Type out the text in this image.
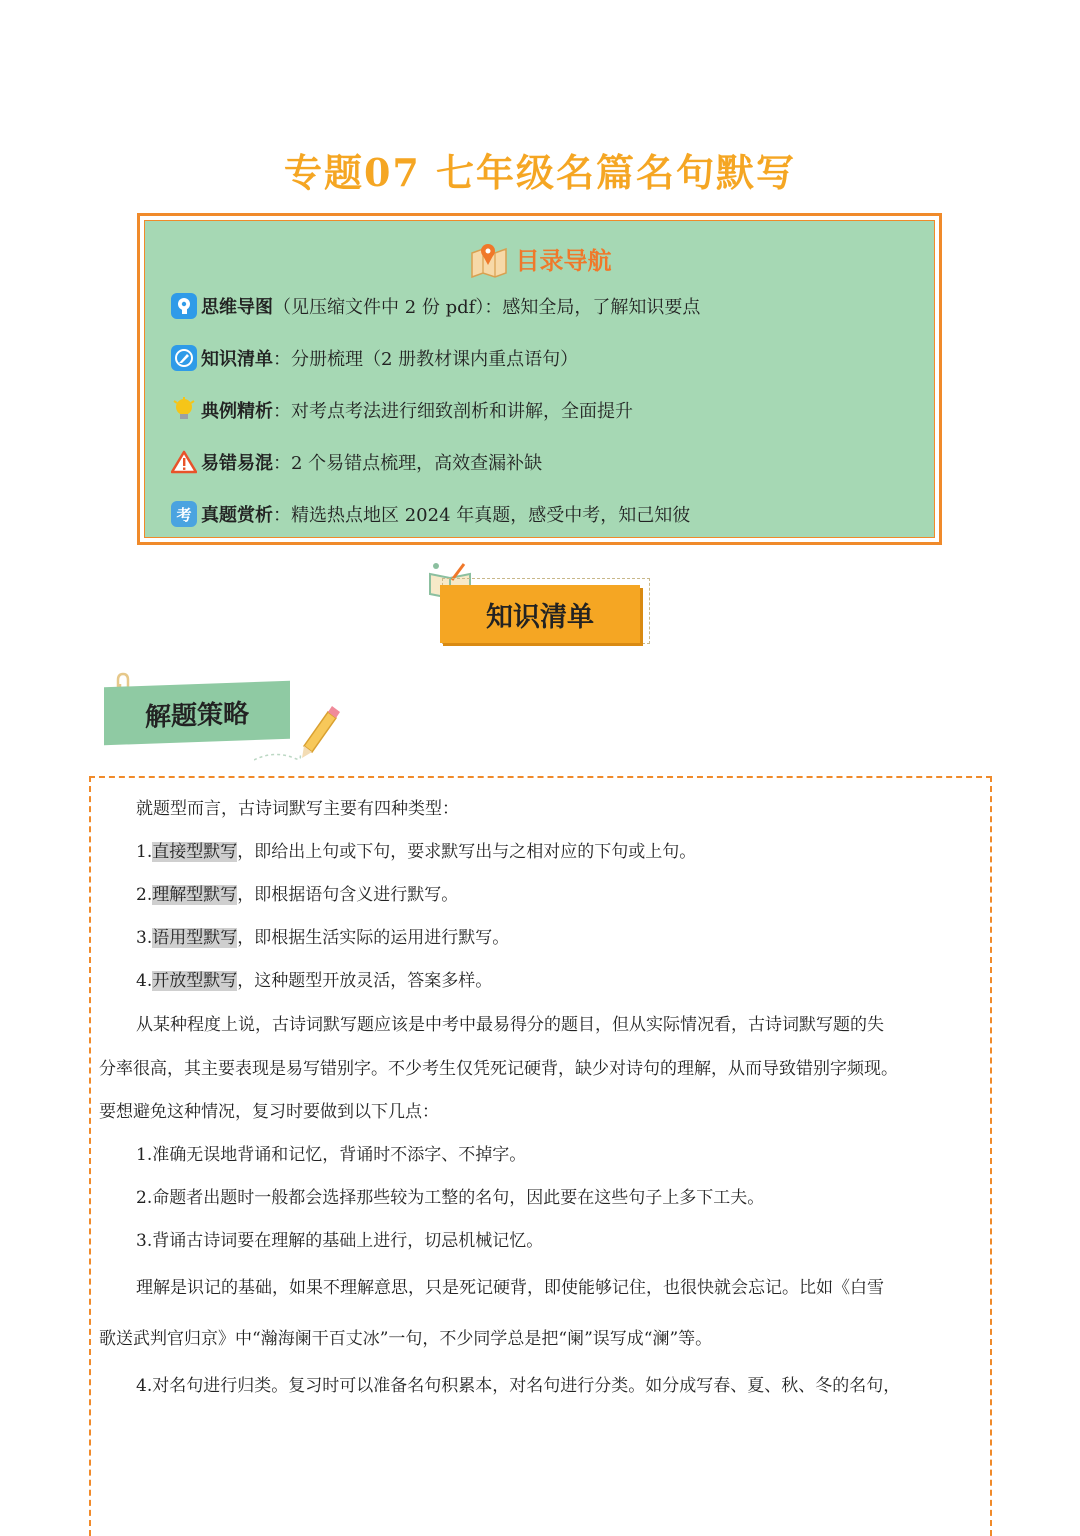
专题07 七年级名篇名句默写
目录导航
思维导图 （见压缩文件中 2 份 pdf）：感知全局，了解知识要点
知识清单 ：分册梳理（2 册教材课内重点语句）
典例精析 ：对考点考法进行细致剖析和讲解，全面提升
易错易混 ：2 个易错点梳理，高效查漏补缺
考 真题赏析 ：精选热点地区 2024 年真题，感受中考，知己知彼
知识清单
解题策略
就题型而言，古诗词默写主要有四种类型：
1.直接型默写，即给出上句或下句，要求默写出与之相对应的下句或上句。
2.理解型默写，即根据语句含义进行默写。
3.语用型默写，即根据生活实际的运用进行默写。
4.开放型默写，这种题型开放灵活，答案多样。
从某种程度上说，古诗词默写题应该是中考中最易得分的题目，但从实际情况看，古诗词默写题的失
分率很高，其主要表现是易写错别字。不少考生仅凭死记硬背，缺少对诗句的理解，从而导致错别字频现。
要想避免这种情况，复习时要做到以下几点：
1.准确无误地背诵和记忆，背诵时不添字、不掉字。
2.命题者出题时一般都会选择那些较为工整的名句，因此要在这些句子上多下工夫。
3.背诵古诗词要在理解的基础上进行，切忌机械记忆。
理解是识记的基础，如果不理解意思，只是死记硬背，即使能够记住，也很快就会忘记。比如《白雪
歌送武判官归京》中“瀚海阑干百丈冰”一句，不少同学总是把“阑”误写成“澜”等。
4.对名句进行归类。复习时可以准备名句积累本，对名句进行分类。如分成写春、夏、秋、冬的名句，
